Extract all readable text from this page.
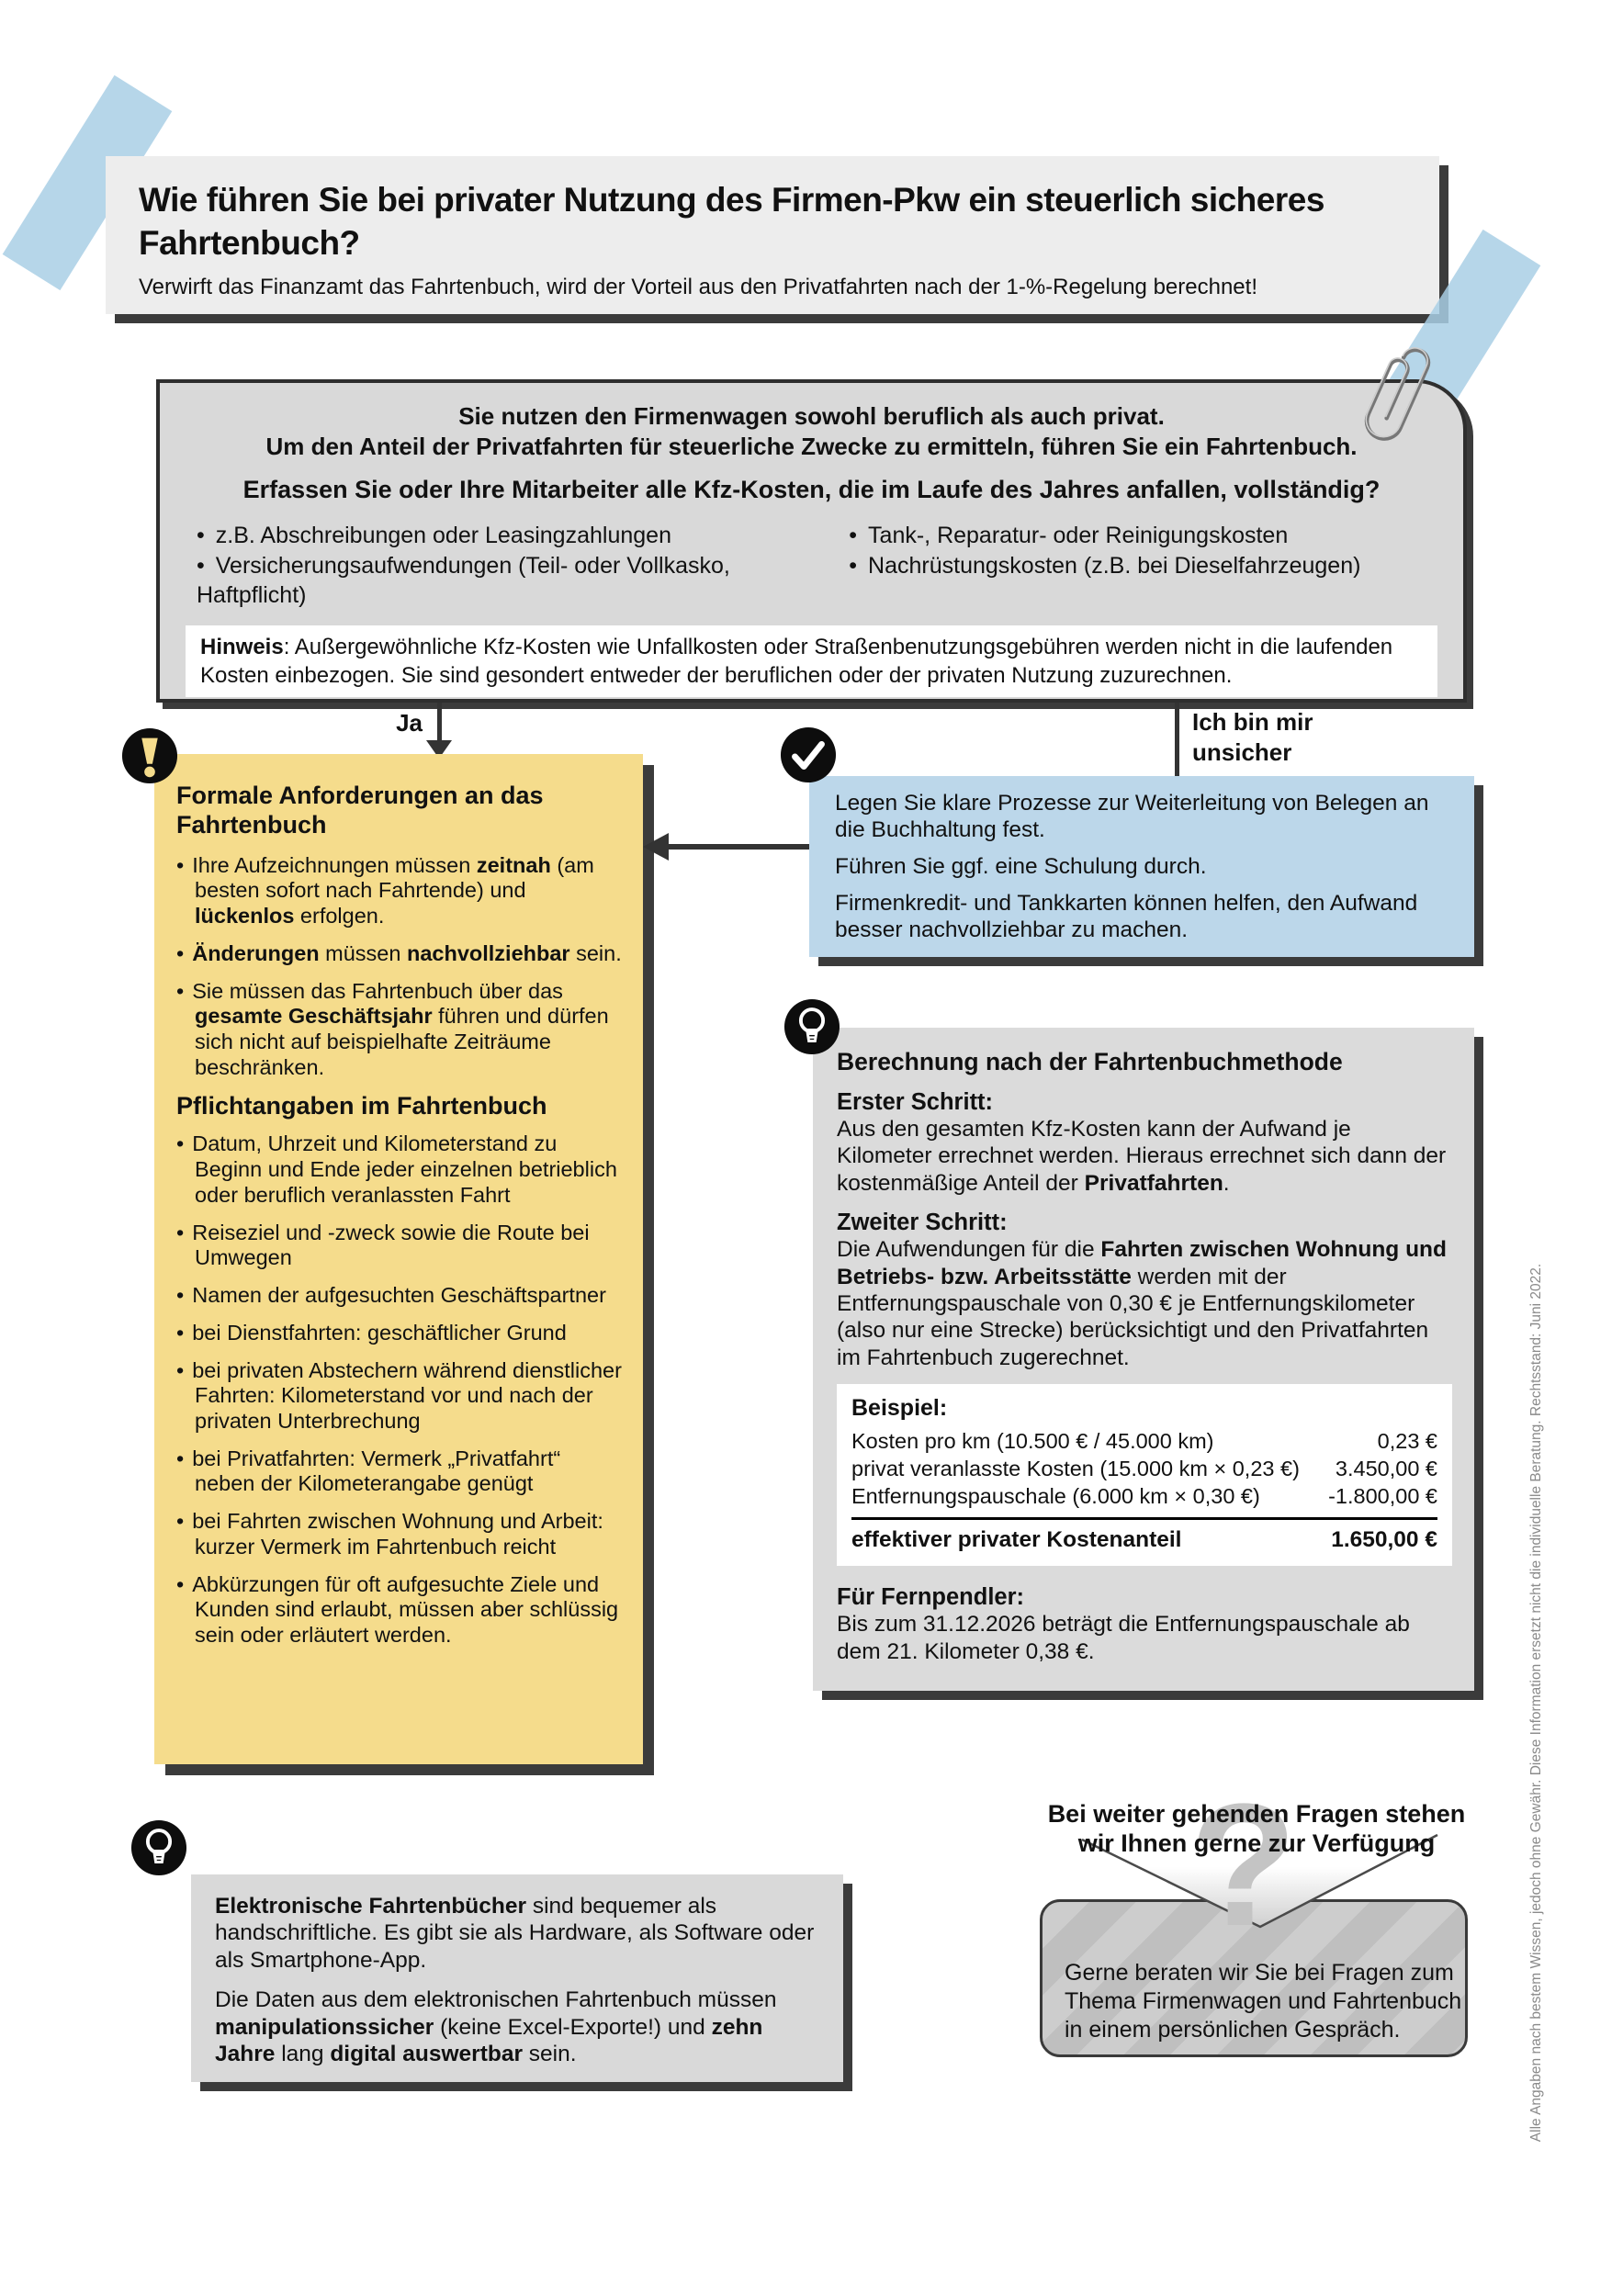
Wie führen Sie bei privater Nutzung des Firmen-Pkw ein steuerlich sicheres Fahrtenbuch?

Verwirft das Finanzamt das Fahrtenbuch, wird der Vorteil aus den Privatfahrten nach der 1-%-Regelung berechnet!

Sie nutzen den Firmenwagen sowohl beruflich als auch privat.

Um den Anteil der Privatfahrten für steuerliche Zwecke zu ermitteln, führen Sie ein Fahrtenbuch.

Erfassen Sie oder Ihre Mitarbeiter alle Kfz-Kosten, die im Laufe des Jahres anfallen, vollständig?

• z.B. Abschreibungen oder Leasingzahlungen
• Versicherungsaufwendungen (Teil- oder Vollkasko, Haftpflicht)
• Tank-, Reparatur- oder Reinigungskosten
• Nachrüstungskosten (z.B. bei Dieselfahrzeugen)
Hinweis: Außergewöhnliche Kfz-Kosten wie Unfallkosten oder Straßenbenutzungsgebühren werden nicht in die laufenden Kosten einbezogen. Sie sind gesondert entweder der beruflichen oder der privaten Nutzung zuzurechnen.
Ja	Ich bin mir unsicher
Formale Anforderungen an das Fahrtenbuch
• Ihre Aufzeichnungen müssen zeitnah (am besten sofort nach Fahrtende) und lückenlos erfolgen.
• Änderungen müssen nachvollziehbar sein.
• Sie müssen das Fahrtenbuch über das gesamte Geschäftsjahr führen und dürfen sich nicht auf beispielhafte Zeiträume beschränken.
Pflichtangaben im Fahrtenbuch
• Datum, Uhrzeit und Kilometerstand zu Beginn und Ende jeder einzelnen betrieblich oder beruflich veranlassten Fahrt
• Reiseziel und -zweck sowie die Route bei Umwegen
• Namen der aufgesuchten Geschäftspartner
• bei Dienstfahrten: geschäftlicher Grund
• bei privaten Abstechern während dienstlicher Fahrten: Kilometerstand vor und nach der privaten Unterbrechung
• bei Privatfahrten: Vermerk „Privatfahrt“ neben der Kilometerangabe genügt
• bei Fahrten zwischen Wohnung und Arbeit: kurzer Vermerk im Fahrtenbuch reicht
• Abkürzungen für oft aufgesuchte Ziele und Kunden sind erlaubt, müssen aber schlüssig sein oder erläutert werden.

Legen Sie klare Prozesse zur Weiterleitung von Belegen an die Buchhaltung fest.

Führen Sie ggf. eine Schulung durch.

Firmenkredit- und Tankkarten können helfen, den Aufwand besser nachvollziehbar zu machen.

Berechnung nach der Fahrtenbuchmethode
Erster Schritt:

Aus den gesamten Kfz-Kosten kann der Aufwand je Kilometer errechnet werden. Hieraus errechnet sich dann der kostenmäßige Anteil der Privatfahrten.

Zweiter Schritt:

Die Aufwendungen für die Fahrten zwischen Wohnung und Betriebs- bzw. Arbeitsstätte werden mit der Entfernungspauschale von 0,30 € je Entfernungskilometer (also nur eine Strecke) berücksichtigt und den Privatfahrten im Fahrtenbuch zugerechnet.

Beispiel:
Kosten pro km (10.500 € / 45.000 km)	0,23 €
privat veranlasste Kosten (15.000 km × 0,23 €)	3.450,00 €
Entfernungspauschale (6.000 km × 0,30 €)	-1.800,00 €
effektiver privater Kostenanteil	1.650,00 €
Für Fernpendler:

Bis zum 31.12.2026 beträgt die Entfernungspauschale ab dem 21. Kilometer 0,38 €.

Elektronische Fahrtenbücher sind bequemer als handschriftliche. Es gibt sie als Hardware, als Software oder als Smartphone-App.

Die Daten aus dem elektronischen Fahrtenbuch müssen manipulationssicher (keine Excel-Exporte!) und zehn Jahre lang digital auswertbar sein.

Gerne beraten wir Sie bei Fragen zum Thema Firmenwagen und Fahrtenbuch in einem persönlichen Gespräch.

?
Bei weiter gehenden Fragen stehen wir Ihnen gerne zur Verfügung	Alle Angaben nach bestem Wissen, jedoch ohne Gewähr. Diese Information ersetzt nicht die individuelle Beratung. Rechtsstand: Juni 2022.
